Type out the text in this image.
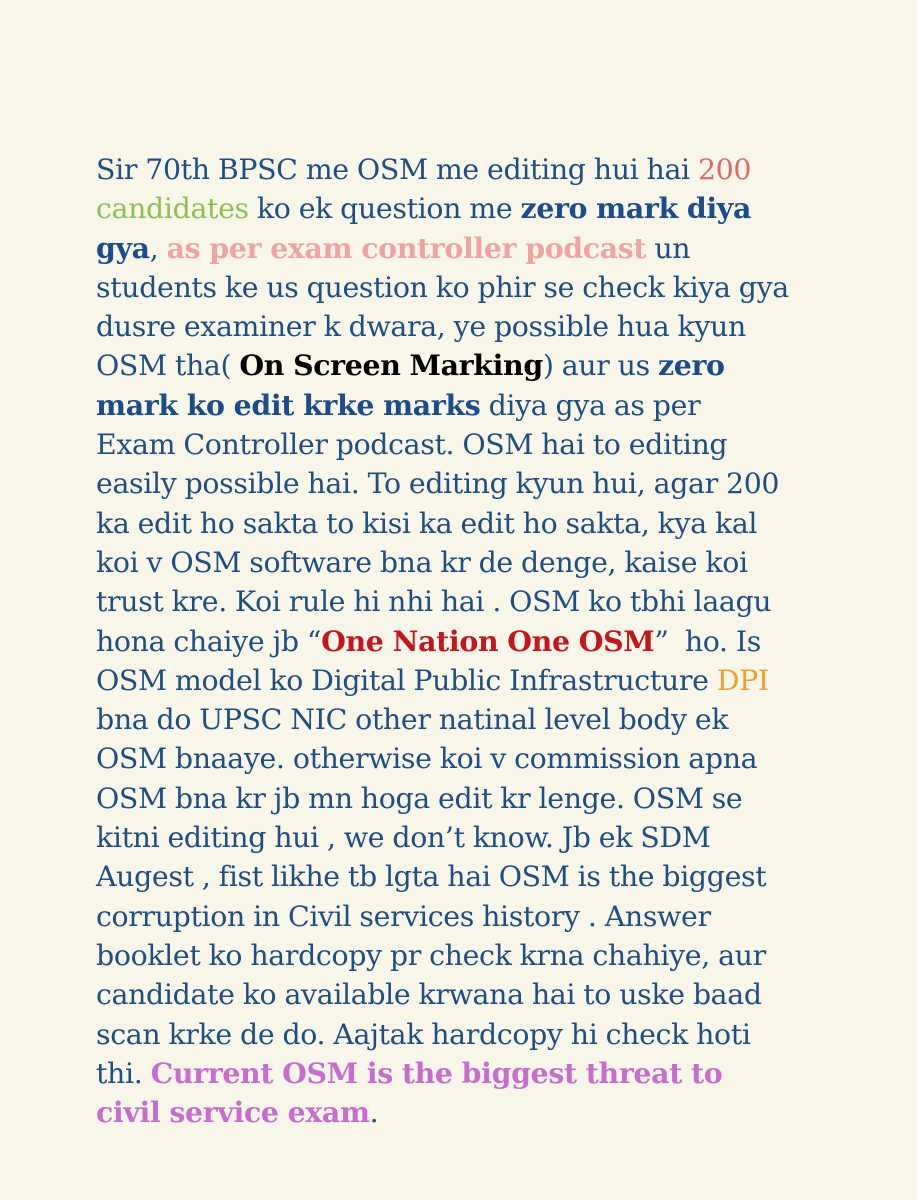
Sir 70th BPSC me OSM me editing hui hai 200
candidates ko ek question me zero mark diya
gya, as per exam controller podcast un
students ke us question ko phir se check kiya gya
dusre examiner k dwara, ye possible hua kyun
OSM tha( On Screen Marking) aur us zero
mark ko edit krke marks diya gya as per
Exam Controller podcast. OSM hai to editing
easily possible hai. To editing kyun hui, agar 200
ka edit ho sakta to kisi ka edit ho sakta, kya kal
koi v OSM software bna kr de denge, kaise koi
trust kre. Koi rule hi nhi hai . OSM ko tbhi laagu
hona chaiye jb “One Nation One OSM”  ho. Is
OSM model ko Digital Public Infrastructure DPI
bna do UPSC NIC other natinal level body ek
OSM bnaaye. otherwise koi v commission apna
OSM bna kr jb mn hoga edit kr lenge. OSM se
kitni editing hui , we don’t know. Jb ek SDM
Augest , fist likhe tb lgta hai OSM is the biggest
corruption in Civil services history . Answer
booklet ko hardcopy pr check krna chahiye, aur
candidate ko available krwana hai to uske baad
scan krke de do. Aajtak hardcopy hi check hoti
thi. Current OSM is the biggest threat to
civil service exam.
